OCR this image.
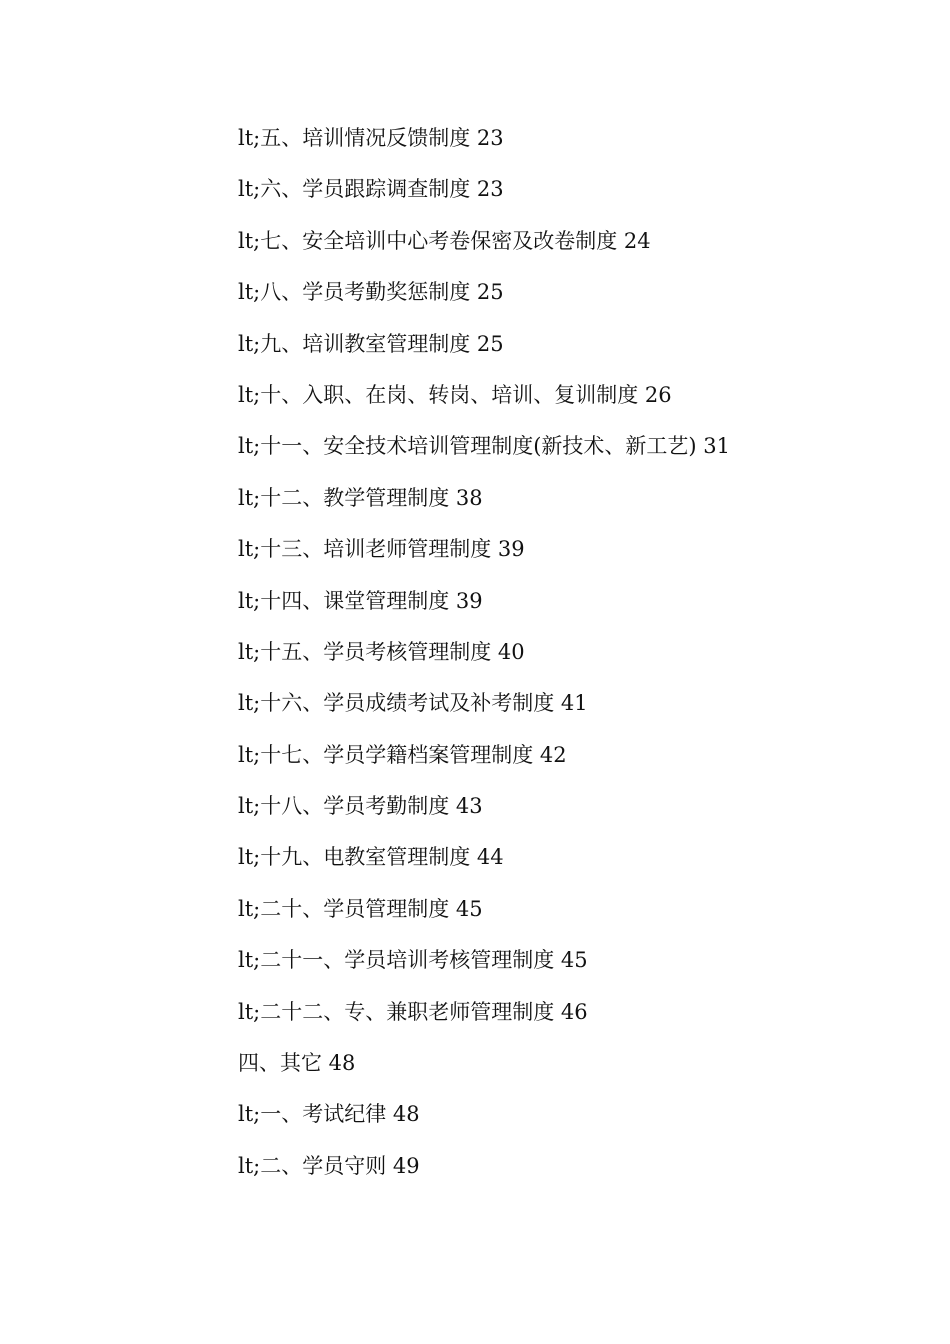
lt;五、培训情况反馈制度 23
lt;六、学员跟踪调查制度 23
lt;七、安全培训中心考卷保密及改卷制度 24
lt;八、学员考勤奖惩制度 25
lt;九、培训教室管理制度 25
lt;十、入职、在岗、转岗、培训、复训制度 26
lt;十一、安全技术培训管理制度(新技术、新工艺) 31
lt;十二、教学管理制度 38
lt;十三、培训老师管理制度 39
lt;十四、课堂管理制度 39
lt;十五、学员考核管理制度 40
lt;十六、学员成绩考试及补考制度 41
lt;十七、学员学籍档案管理制度 42
lt;十八、学员考勤制度 43
lt;十九、电教室管理制度 44
lt;二十、学员管理制度 45
lt;二十一、学员培训考核管理制度 45
lt;二十二、专、兼职老师管理制度 46
四、其它 48
lt;一、考试纪律 48
lt;二、学员守则 49
